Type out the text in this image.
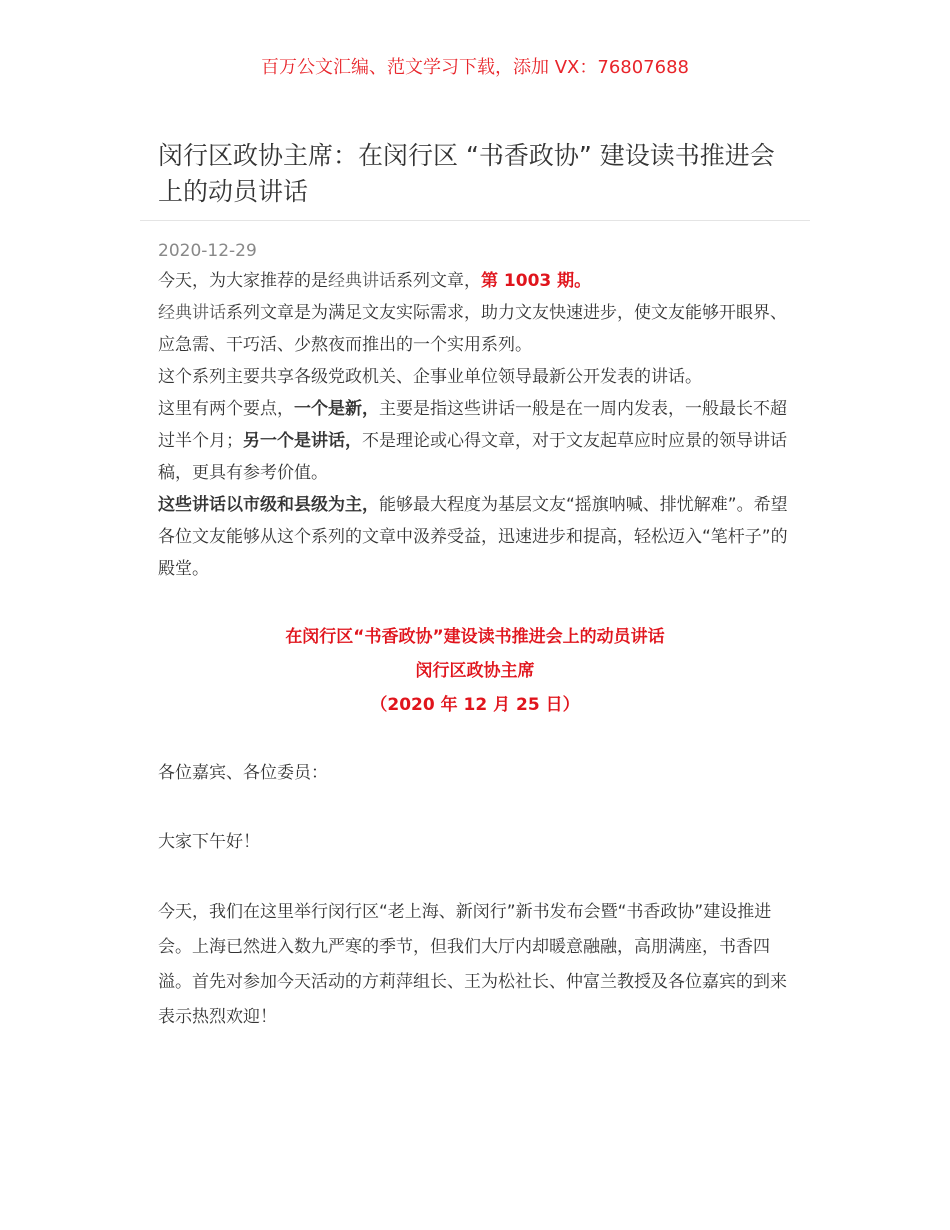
百万公文汇编、范文学习下载，添加 VX：76807688
闵行区政协主席：在闵行区 “书香政协” 建设读书推进会上的动员讲话
2020-12-29

今天，为大家推荐的是经典讲话系列文章，第 1003 期。

经典讲话系列文章是为满足文友实际需求，助力文友快速进步，使文友能够开眼界、应急需、干巧活、少熬夜而推出的一个实用系列。

这个系列主要共享各级党政机关、企事业单位领导最新公开发表的讲话。

这里有两个要点，一个是新，主要是指这些讲话一般是在一周内发表，一般最长不超过半个月；另一个是讲话，不是理论或心得文章，对于文友起草应时应景的领导讲话稿，更具有参考价值。

这些讲话以市级和县级为主，能够最大程度为基层文友“摇旗呐喊、排忧解难”。希望各位文友能够从这个系列的文章中汲养受益，迅速进步和提高，轻松迈入“笔杆子”的殿堂。

在闵行区“书香政协”建设读书推进会上的动员讲话
闵行区政协主席
（2020 年 12 月 25 日）

各位嘉宾、各位委员：

大家下午好！

今天，我们在这里举行闵行区“老上海、新闵行”新书发布会暨“书香政协”建设推进会。上海已然进入数九严寒的季节，但我们大厅内却暖意融融，高朋满座，书香四溢。首先对参加今天活动的方莉萍组长、王为松社长、仲富兰教授及各位嘉宾的到来表示热烈欢迎！
